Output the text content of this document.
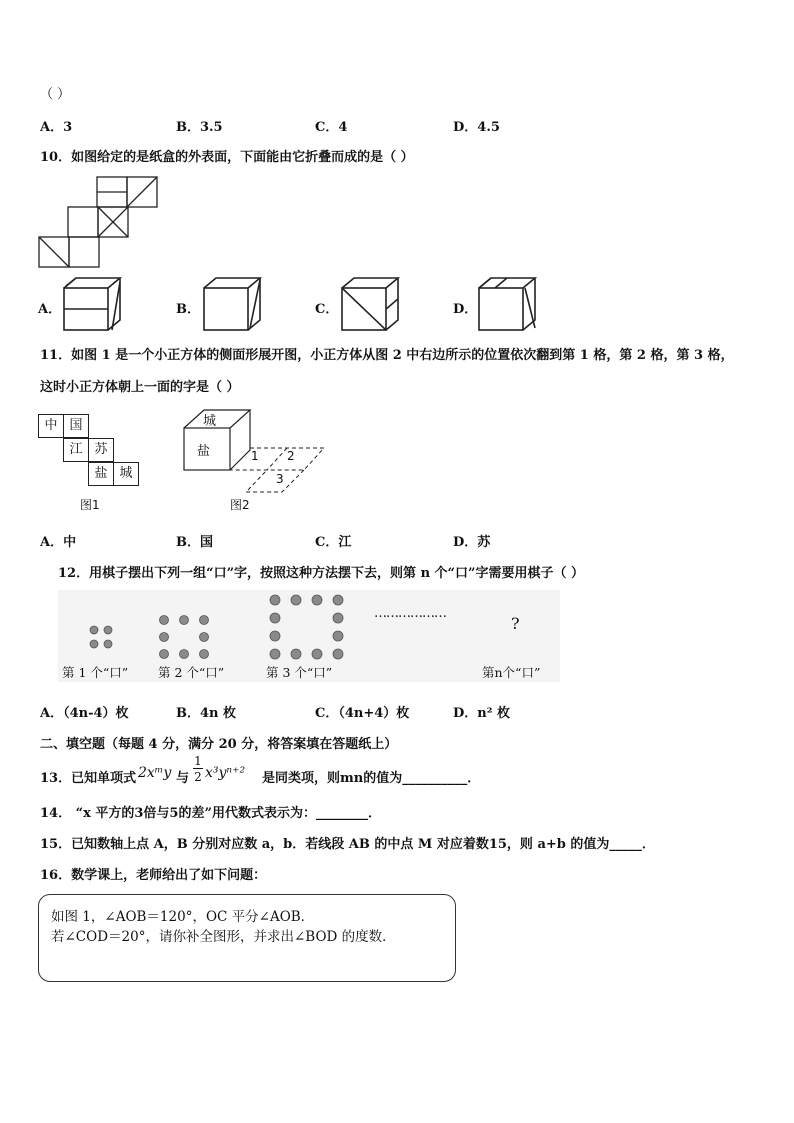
（ ）
A．3	B．3.5	C．4	D．4.5
10．如图给定的是纸盒的外表面，下面能由它折叠而成的是（ ）
A．	B．	C．	D．
11．如图 1 是一个小正方体的侧面形展开图，小正方体从图 2 中右边所示的位置依次翻到第 1 格，第 2 格，第 3 格，
这时小正方体朝上一面的字是（ ）
中 国
江 苏
盐 城
图1
城
盐	1 2
3
图2
A．中	B．国	C．江	D．苏
12．用棋子摆出下列一组“口”字，按照这种方法摆下去，则第 n 个“口”字需要用棋子（ ）
………………
?
第 1 个“口” 第 2 个“口”	第 3 个“口”	第n个“口”
A．（4n-4）枚	B．4n 枚	C．（4n+4）枚	D．n² 枚
二、填空题（每题 4 分，满分 20 分，将答案填在答题纸上）
13．已知单项式 2xᵐy 与
1
2 x³yⁿ⁺² 是同类项，则mn的值为__________．
14． “x 平方的3倍与5的差”用代数式表示为：________．
15．已知数轴上点 A，B 分别对应数 a，b．若线段 AB 的中点 M 对应着数15，则 a+b 的值为_____．
16．数学课上，老师给出了如下问题：
如图 1，∠AOB＝120°，OC 平分∠AOB．
若∠COD＝20°，请你补全图形，并求出∠BOD 的度数．
